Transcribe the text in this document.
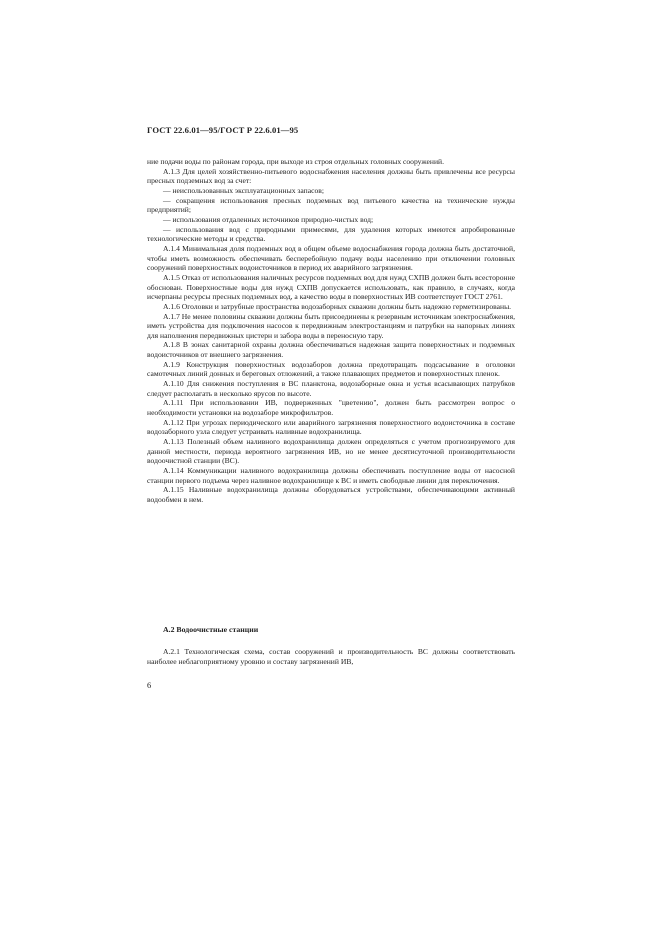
ГОСТ 22.6.01—95/ГОСТ Р 22.6.01—95

ние подачи воды по районам города, при выходе из строя отдельных головных сооружений.

А.1.3 Для целей хозяйственно-питьевого водоснабжения населения должны быть привлечены все ресурсы пресных подземных вод за счет:

— неиспользованных эксплуатационных запасов;

— сокращения использования пресных подземных вод питьевого качества на технические нужды предприятий;

— использования отдаленных источников природно-чистых вод;

— использования вод с природными примесями, для удаления которых имеются апробированные технологические методы и средства.

А.1.4 Минимальная доля подземных вод в общем объеме водоснабжения города должна быть достаточной, чтобы иметь возможность обеспечивать бесперебойную подачу воды населению при отключении головных сооружений поверхностных водоисточников в период их аварийного загрязнения.

А.1.5 Отказ от использования наличных ресурсов подземных вод для нужд СХПВ должен быть всесторонне обоснован. Поверхностные воды для нужд СХПВ допускается использовать, как правило, в случаях, когда исчерпаны ресурсы пресных подземных вод, а качество воды в поверхностных ИВ соответствует ГОСТ 2761.

А.1.6 Оголовки и затрубные пространства водозаборных скважин должны быть надежно герметизированы.

А.1.7 Не менее половины скважин должны быть присоединены к резервным источникам электроснабжения, иметь устройства для подключения насосов к передвижным электростанциям и патрубки на напорных линиях для наполнения передвижных цистерн и забора воды в переносную тару.

А.1.8 В зонах санитарной охраны должна обеспечиваться надежная защита поверхностных и подземных водоисточников от внешнего загрязнения.

А.1.9 Конструкция поверхностных водозаборов должна предотвращать подсасывание в оголовки самотечных линий донных и береговых отложений, а также плавающих предметов и поверхностных пленок.

А.1.10 Для снижения поступления в ВС планктона, водозаборные окна и устья всасывающих патрубков следует располагать в несколько ярусов по высоте.

А.1.11 При использовании ИВ, подверженных "цветению", должен быть рассмотрен вопрос о необходимости установки на водозаборе микрофильтров.

А.1.12 При угрозах периодического или аварийного загрязнения поверхностного водоисточника в составе водозаборного узла следует устраивать наливные водохранилища.

А.1.13 Полезный объем наливного водохранилища должен определяться с учетом прогнозируемого для данной местности, периода вероятного загрязнения ИВ, но не менее десятисуточной производительности водоочистной станции (ВС).

А.1.14 Коммуникации наливного водохранилища должны обеспечивать поступление воды от насосной станции первого подъема через наливное водохранилище к ВС и иметь свободные линии для переключения.

А.1.15 Наливные водохранилища должны оборудоваться устройствами, обеспечивающими активный водообмен в нем.

А.2 Водоочистные станции

А.2.1 Технологическая схема, состав сооружений и производительность ВС должны соответствовать наиболее неблагоприятному уровню и составу загрязнений ИВ,

6
